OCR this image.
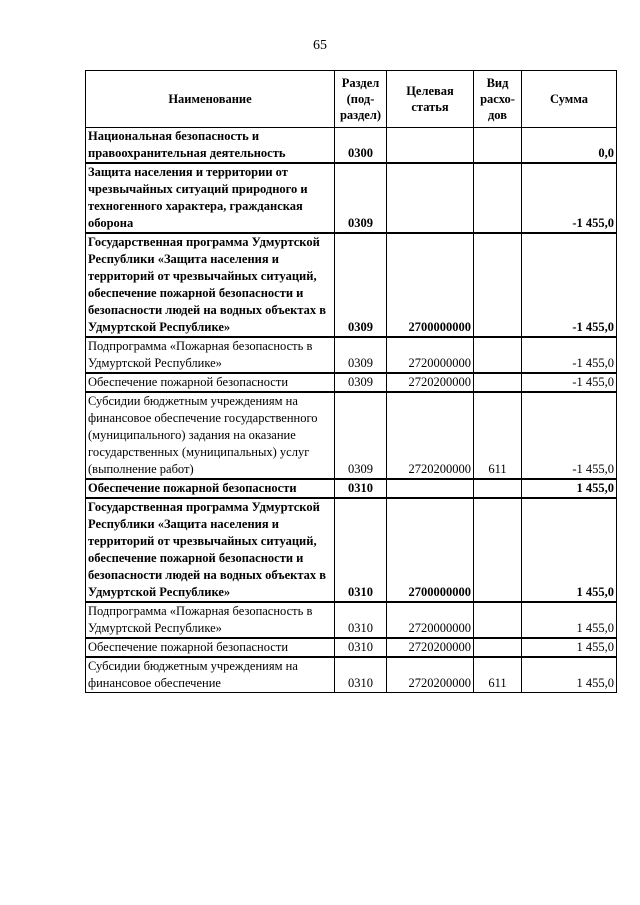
65
Наименование	Раздел (под-раздел)	Целевая статья	Вид расхо-дов	Сумма
Национальная безопасность и правоохранительная деятельность	0300			0,0
Защита населения и территории от чрезвычайных ситуаций природного и техногенного характера, гражданская оборона	0309			-1 455,0
Государственная программа Удмуртской Республики «Защита населения и территорий от чрезвычайных ситуаций, обеспечение пожарной безопасности и безопасности людей на водных объектах в Удмуртской Республике»	0309	2700000000		-1 455,0
Подпрограмма «Пожарная безопасность в Удмуртской Республике»	0309	2720000000		-1 455,0
Обеспечение пожарной безопасности	0309	2720200000		-1 455,0
Субсидии бюджетным учреждениям на финансовое обеспечение государственного (муниципального) задания на оказание государственных (муниципальных) услуг (выполнение работ)	0309	2720200000	611	-1 455,0
Обеспечение пожарной безопасности	0310			1 455,0
Государственная программа Удмуртской Республики «Защита населения и территорий от чрезвычайных ситуаций, обеспечение пожарной безопасности и безопасности людей на водных объектах в Удмуртской Республике»	0310	2700000000		1 455,0
Подпрограмма «Пожарная безопасность в Удмуртской Республике»	0310	2720000000		1 455,0
Обеспечение пожарной безопасности	0310	2720200000		1 455,0
Субсидии бюджетным учреждениям на финансовое обеспечение	0310	2720200000	611	1 455,0
